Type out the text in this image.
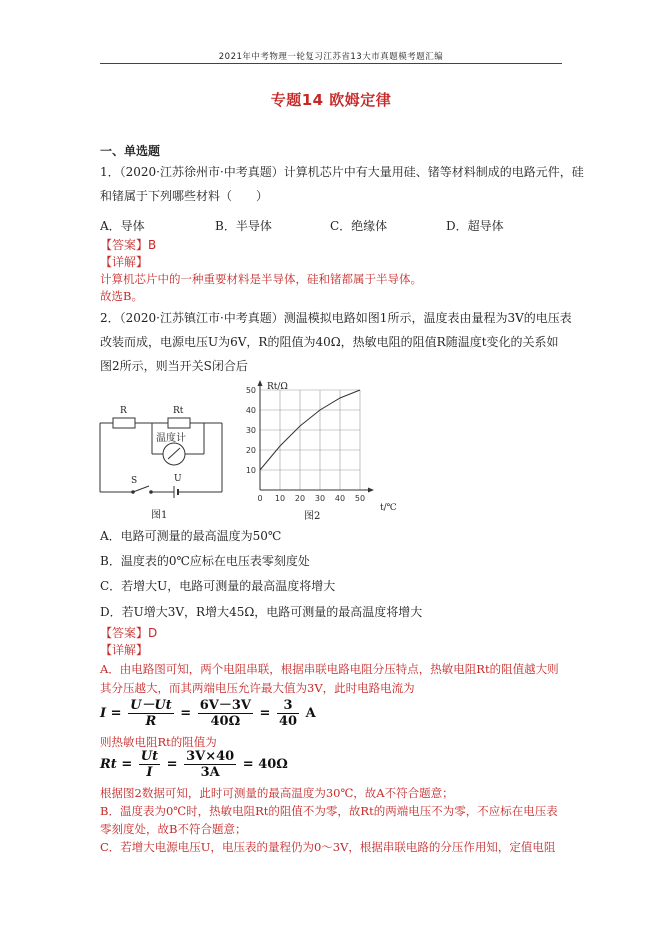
2021年中考物理一轮复习江苏省13大市真题模考题汇编
专题14 欧姆定律
一、单选题
1．（2020·江苏徐州市·中考真题）计算机芯片中有大量用硅、锗等材料制成的电路元件，硅
和锗属于下列哪些材料（　　）
A．导体	B．半导体	C．绝缘体	D．超导体
【答案】B
【详解】
计算机芯片中的一种重要材料是半导体，硅和锗都属于半导体。
故选B。
2．（2020·江苏镇江市·中考真题）测温模拟电路如图1所示，温度表由量程为3V的电压表
改装而成，电源电压U为6V，R的阻值为40Ω，热敏电阻的阻值R随温度t变化的关系如
图2所示，则当开关S闭合后
R	Rt
温度计
S	U
图1
0 10 20 30 40 50
10
20
30
40
50 Rt/Ω
t/℃
图2
A．电路可测量的最高温度为50℃
B．温度表的0℃应标在电压表零刻度处
C．若增大U，电路可测量的最高温度将增大
D．若U增大3V，R增大45Ω，电路可测量的最高温度将增大
【答案】D
【详解】
A．由电路图可知，两个电阻串联，根据串联电路电阻分压特点，热敏电阻Rt的阻值越大则
其分压越大，而其两端电压允许最大值为3V，此时电路电流为
$I = \frac{U-Ut}{R} = \frac{6V-3V}{40\Omega} = \frac{3}{40}$ A
则热敏电阻Rt的阻值为
$Rt = \frac{Ut}{I} = \frac{3V\times 40}{3A} = 40\Omega$
根据图2数据可知，此时可测量的最高温度为30℃，故A不符合题意；
B．温度表为0℃时，热敏电阻Rt的阻值不为零，故Rt的两端电压不为零，不应标在电压表
零刻度处，故B不符合题意；
C．若增大电源电压U，电压表的量程仍为0～3V，根据串联电路的分压作用知，定值电阻
